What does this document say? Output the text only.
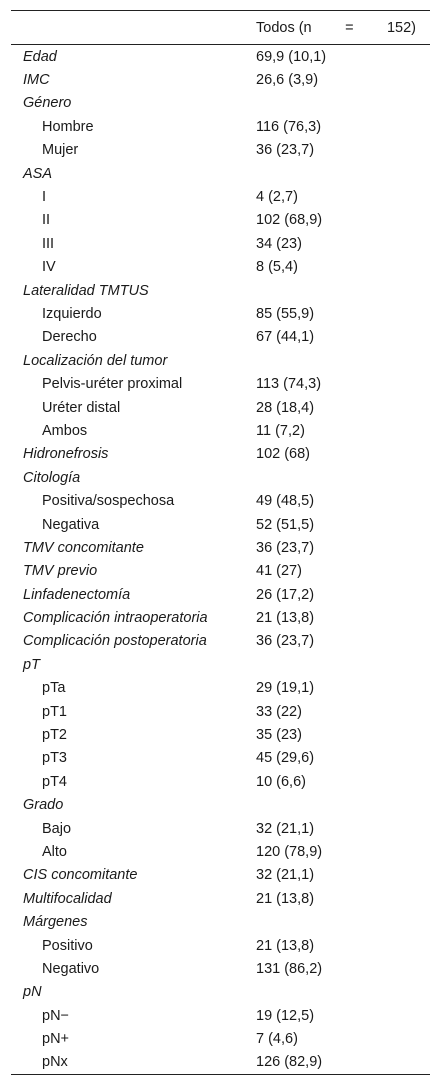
Todos (n = 152)
Edad	69,9 (10,1)
IMC	26,6 (3,9)
Género
Hombre	116 (76,3)
Mujer	36 (23,7)
ASA
I	4 (2,7)
II	102 (68,9)
III	34 (23)
IV	8 (5,4)
Lateralidad TMTUS
Izquierdo	85 (55,9)
Derecho	67 (44,1)
Localización del tumor
Pelvis-uréter proximal	113 (74,3)
Uréter distal	28 (18,4)
Ambos	11 (7,2)
Hidronefrosis	102 (68)
Citología
Positiva/sospechosa	49 (48,5)
Negativa	52 (51,5)
TMV concomitante	36 (23,7)
TMV previo	41 (27)
Linfadenectomía	26 (17,2)
Complicación intraoperatoria	21 (13,8)
Complicación postoperatoria	36 (23,7)
pT
pTa	29 (19,1)
pT1	33 (22)
pT2	35 (23)
pT3	45 (29,6)
pT4	10 (6,6)
Grado
Bajo	32 (21,1)
Alto	120 (78,9)
CIS concomitante	32 (21,1)
Multifocalidad	21 (13,8)
Márgenes
Positivo	21 (13,8)
Negativo	131 (86,2)
pN
pN−	19 (12,5)
pN+	7 (4,6)
pNx	126 (82,9)
